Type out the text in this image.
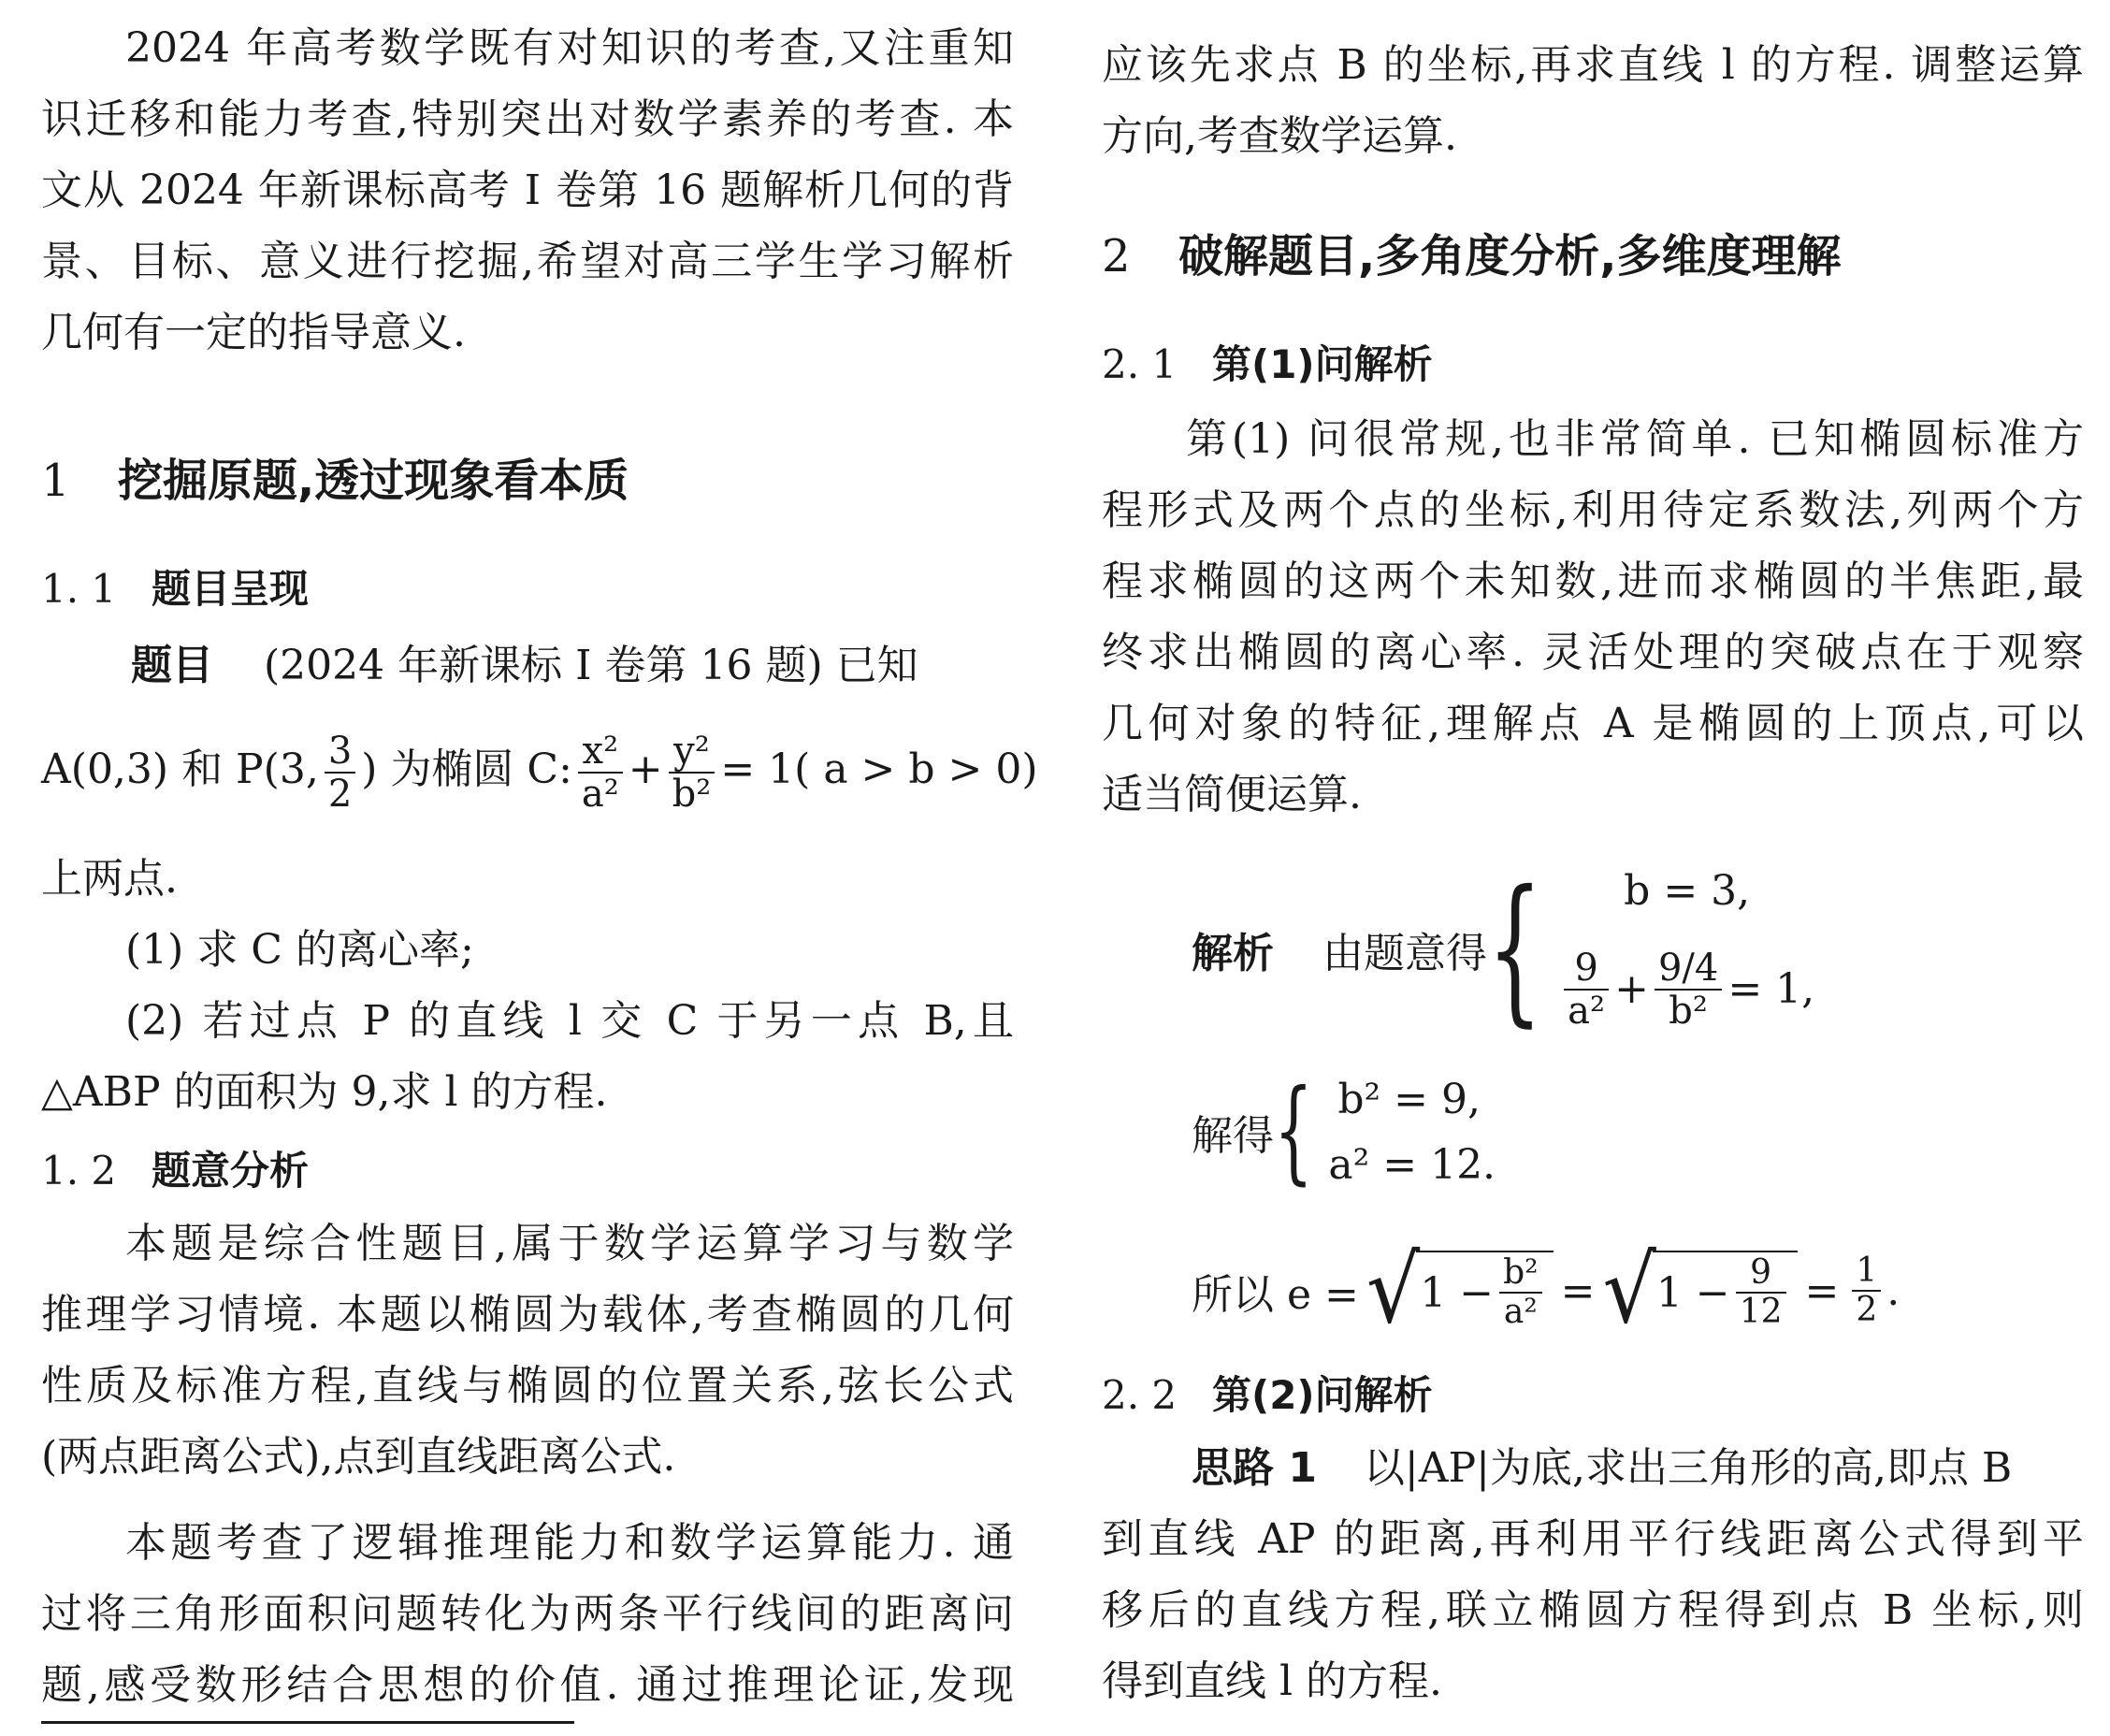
2024 年高考数学既有对知识的考查,又注重知
识迁移和能力考查,特别突出对数学素养的考查. 本
文从 2024 年新课标高考 Ⅰ 卷第 16 题解析几何的背
景、目标、意义进行挖掘,希望对高三学生学习解析
几何有一定的指导意义.
1 挖掘原题,透过现象看本质
1. 1 题目呈现
题目 (2024 年新课标 Ⅰ 卷第 16 题) 已知
A(0,3) 和 P(3, $\frac{3}{2}$ ) 为椭圆 C: $\frac{\text{x²}}{\text{a²}} + \frac{\text{y²}}{\text{b²}} = 1$( a > b > 0)
上两点.
(1) 求 C 的离心率;
(2) 若过点 P 的直线 l 交 C 于另一点 B,且
△ABP 的面积为 9,求 l 的方程.
1. 2 题意分析
本题是综合性题目,属于数学运算学习与数学
推理学习情境. 本题以椭圆为载体,考查椭圆的几何
性质及标准方程,直线与椭圆的位置关系,弦长公式
(两点距离公式),点到直线距离公式.
本题考查了逻辑推理能力和数学运算能力. 通
过将三角形面积问题转化为两条平行线间的距离问
题,感受数形结合思想的价值. 通过推理论证,发现
应该先求点 B 的坐标,再求直线 l 的方程. 调整运算
方向,考查数学运算.
2 破解题目,多角度分析,多维度理解
2. 1 第(1)问解析
第(1) 问很常规,也非常简单. 已知椭圆标准方
程形式及两个点的坐标,利用待定系数法,列两个方
程求椭圆的这两个未知数,进而求椭圆的半焦距,最
终求出椭圆的离心率. 灵活处理的突破点在于观察
几何对象的特征,理解点 A 是椭圆的上顶点,可以
适当简便运算.
解析 由题意得 {	b = 3,
$\frac{9}{\text{a²}} + \frac{9/4}{\text{b²}} = 1$,
解得 { b² = 9,
a² = 12.
所以 e = √ $1 - \frac{\text{b²}}{\text{a²}}$ = √ $1 - \frac{9}{12} = \frac{1}{2}$ .
2. 2 第(2)问解析
思路 1 以|AP|为底,求出三角形的高,即点 B
到直线 AP 的距离,再利用平行线距离公式得到平
移后的直线方程,联立椭圆方程得到点 B 坐标,则
得到直线 l 的方程.
